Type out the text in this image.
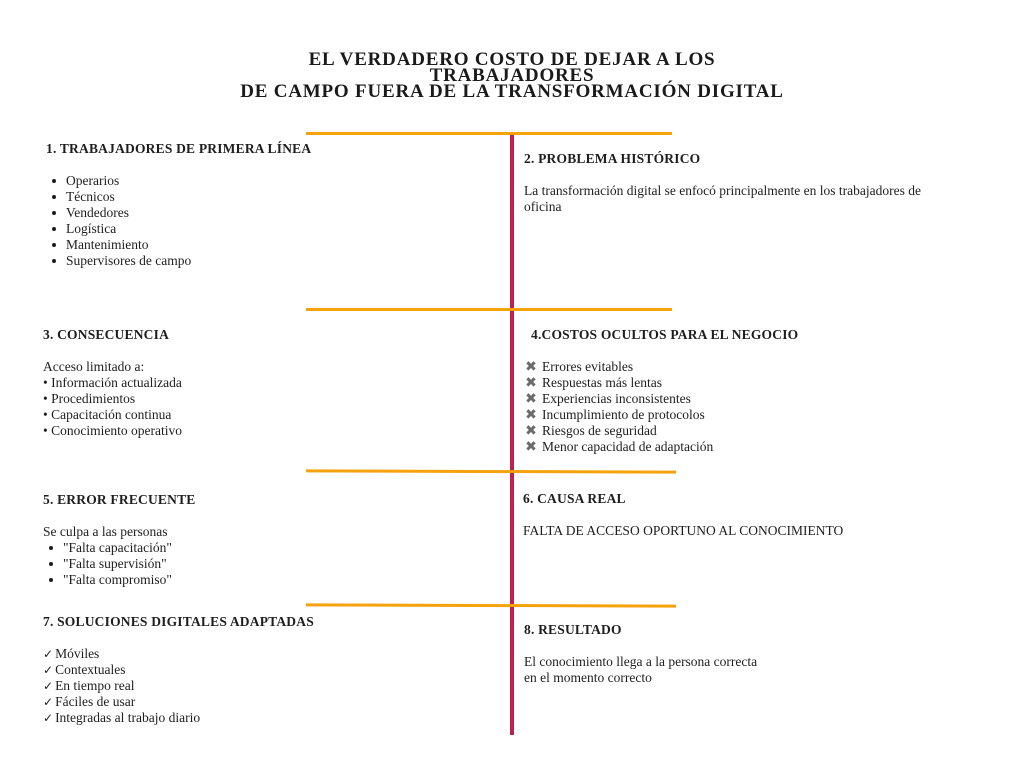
EL VERDADERO COSTO DE DEJAR A LOS
TRABAJADORES
DE CAMPO FUERA DE LA TRANSFORMACIÓN DIGITAL
1. TRABAJADORES DE PRIMERA LÍNEA
Operarios
Técnicos
Vendedores
Logística
Mantenimiento
Supervisores de campo
2. PROBLEMA HISTÓRICO
La transformación digital se enfocó principalmente en los trabajadores de
oficina
3. CONSECUENCIA
Acceso limitado a:
• Información actualizada
• Procedimientos
• Capacitación continua
• Conocimiento operativo
4.COSTOS OCULTOS PARA EL NEGOCIO
✖ Errores evitables
✖ Respuestas más lentas
✖ Experiencias inconsistentes
✖ Incumplimiento de protocolos
✖ Riesgos de seguridad
✖ Menor capacidad de adaptación
5. ERROR FRECUENTE
Se culpa a las personas
"Falta capacitación"
"Falta supervisión"
"Falta compromiso"
6. CAUSA REAL
FALTA DE ACCESO OPORTUNO AL CONOCIMIENTO
7. SOLUCIONES DIGITALES ADAPTADAS
✓ Móviles
✓ Contextuales
✓ En tiempo real
✓ Fáciles de usar
✓ Integradas al trabajo diario
8. RESULTADO
El conocimiento llega a la persona correcta
en el momento correcto
